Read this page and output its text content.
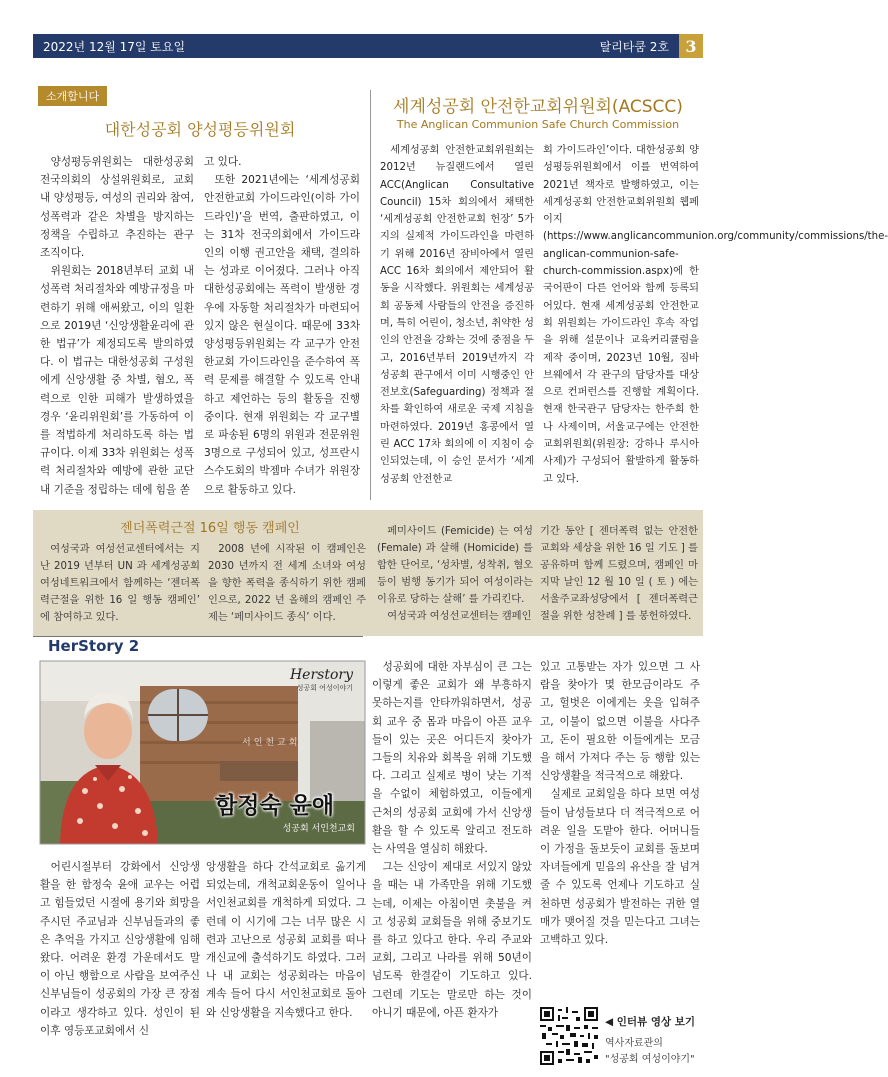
2022년 12월 17일 토요일	탈리타쿰 2호	3
소개합니다
대한성공회 양성평등위원회

양성평등위원회는 대한성공회 전국의회의 상설위원회로, 교회 내 양성평등, 여성의 권리와 참여, 성폭력과 같은 차별을 방지하는 정책을 수립하고 추진하는 관구 조직이다.

위원회는 2018년부터 교회 내 성폭력 처리절차와 예방규정을 마련하기 위해 애써왔고, 이의 일환으로 2019년 ‘신앙생활윤리에 관한 법규’가 제정되도록 발의하였다. 이 법규는 대한성공회 구성원에게 신앙생활 중 차별, 혐오, 폭력으로 인한 피해가 발생하였을 경우 ‘윤리위원회’를 가동하여 이를 적법하게 처리하도록 하는 법규이다. 이제 33차 위원회는 성폭력 처리절차와 예방에 관한 교단 내 기준을 정립하는 데에 힘을 쏟

고 있다.

또한 2021년에는 ‘세계성공회 안전한교회 가이드라인(이하 가이드라인)’을 번역, 출판하였고, 이는 31차 전국의회에서 가이드라인의 이행 권고안을 채택, 결의하는 성과로 이어졌다. 그러나 아직 대한성공회에는 폭력이 발생한 경우에 자동할 처리절차가 마련되어 있지 않은 현실이다. 때문에 33차 양성평등위원회는 각 교구가 안전한교회 가이드라인을 준수하여 폭력 문제를 해결할 수 있도록 안내하고 제언하는 등의 활동을 진행 중이다. 현재 위원회는 각 교구별로 파송된 6명의 위원과 전문위원 3명으로 구성되어 있고, 성프란시스수도회의 박젬마 수녀가 위원장으로 활동하고 있다.

세계성공회 안전한교회위원회(ACSCC)
The Anglican Communion Safe Church Commission

세계성공회 안전한교회위원회는 2012년 뉴질랜드에서 열린 ACC(Anglican Consultative Council) 15차 회의에서 채택한 ‘세계성공회 안전한교회 헌장’ 5가지의 실제적 가이드라인을 마련하기 위해 2016년 잠비아에서 열린 ACC 16차 회의에서 제안되어 활동을 시작했다. 위원회는 세계성공회 공동체 사람들의 안전을 증진하며, 특히 어린이, 청소년, 취약한 성인의 안전을 강화는 것에 중점을 두고, 2016년부터 2019년까지 각 성공회 관구에서 이미 시행중인 안전보호(Safeguarding) 정책과 절차를 확인하여 새로운 국제 지침을 마련하였다. 2019년 홍콩에서 열린 ACC 17차 회의에 이 지침이 승인되었는데, 이 승인 문서가 ‘세계성공회 안전한교

회 가이드라인’이다. 대한성공회 양성평등위원회에서 이를 번역하여 2021년 책자로 발행하였고, 이는 세계성공회 안전한교회위원회 웹페이지(https://www.anglicancommunion.org/community/commissions/the-anglican-communion-safe-church-commission.aspx)에 한국어판이 다른 언어와 함께 등록되어있다. 현재 세계성공회 안전한교회 위원회는 가이드라인 후속 작업을 위해 설문이나 교육커리큘럼을 제작 중이며, 2023년 10월, 짐바브웨에서 각 관구의 담당자를 대상으로 컨퍼런스를 진행할 계획이다. 현재 한국관구 담당자는 한주희 한나 사제이며, 서울교구에는 안전한교회위원회(위원장: 강하나 루시아 사제)가 구성되어 활발하게 활동하고 있다.

젠더폭력근절 16일 행동 캠페인

여성국과 여성선교센터에서는 지난 2019 년부터 UN 과 세계성공회 여성네트워크에서 함께하는 ‘젠더폭력근절을 위한 16 일 행동 캠페인’ 에 참여하고 있다.

2008 년에 시작된 이 캠페인은 2030 년까지 전 세계 소녀와 여성을 향한 폭력을 종식하기 위한 캠페인으로, 2022 년 올해의 캠페인 주제는 ‘페미사이드 종식’ 이다.

페미사이드 (Femicide) 는 여성 (Female) 과 살해 (Homicide) 를 합한 단어로, ‘성차별, 성착취, 혐오 등이 범행 동기가 되어 여성이라는 이유로 당하는 살해’ 를 가리킨다.

여성국과 여성선교센터는 캠페인

기간 동안 [ 젠더폭력 없는 안전한 교회와 세상을 위한 16 일 기도 ] 를 공유하며 함께 드렸으며, 캠페인 마지막 날인 12 월 10 일 ( 토 ) 에는 서울주교좌성당에서 [ 젠더폭력근절을 위한 성찬례 ] 를 봉헌하였다.

HerStory 2
Herstory
성공회 여성이야기
서인천교회
함정숙 윤애
성공회 서인천교회

어린시절부터 강화에서 신앙생활을 한 함정숙 윤애 교우는 어렵고 힘들었던 시절에 용기와 희망을 주시던 주교님과 신부님들과의 좋은 추억을 가지고 신앙생활에 임해왔다. 어려운 환경 가운데서도 말이 아닌 행함으로 사람을 보여주신 신부님들이 성공회의 가장 큰 장점이라고 생각하고 있다. 성인이 된 이후 영등포교회에서 신

앙생활을 하다 간석교회로 옮기게 되었는데, 개척교회운동이 일어나 서인천교회를 개척하게 되었다. 그런데 이 시기에 그는 너무 많은 시련과 고난으로 성공회 교회를 떠나 개신교에 출석하기도 하였다. 그러나 내 교회는 성공회라는 마음이 계속 들어 다시 서인천교회로 돌아와 신앙생활을 지속했다고 한다.

성공회에 대한 자부심이 큰 그는 이렇게 좋은 교회가 왜 부흥하지 못하는지를 안타까워하면서, 성공회 교우 중 몸과 마음이 아픈 교우들이 있는 곳은 어디든지 찾아가 그들의 치유와 회복을 위해 기도했다. 그리고 실제로 병이 낫는 기적을 수없이 체험하였고, 이들에게 근처의 성공회 교회에 가서 신앙생활을 할 수 있도록 알리고 전도하는 사역을 열심히 해왔다.

그는 신앙이 제대로 서있지 않았을 때는 내 가족만을 위해 기도했는데, 이제는 아침이면 촛불을 켜고 성공회 교회들을 위해 중보기도를 하고 있다고 한다. 우리 주교와 교회, 그리고 나라를 위해 50년이 넘도록 한결같이 기도하고 있다. 그런데 기도는 말로만 하는 것이 아니기 때문에, 아픈 환자가

있고 고통받는 자가 있으면 그 사람을 찾아가 몇 한모금이라도 주고, 헐벗은 이에게는 옷을 입혀주고, 이불이 없으면 이불을 사다주고, 돈이 필요한 이들에게는 모금을 해서 가져다 주는 등 행함 있는 신앙생활을 적극적으로 해왔다.

실제로 교회일을 하다 보면 여성들이 남성들보다 더 적극적으로 어려운 일을 도맡아 한다. 어머니들이 가정을 돌보듯이 교회를 돌보며 자녀들에게 믿음의 유산을 잘 넘겨줄 수 있도록 언제나 기도하고 실천하면 성공회가 발전하는 귀한 열매가 맺어질 것을 믿는다고 그녀는 고백하고 있다.

◀ 인터뷰 영상 보기
역사자료관의
"성공회 여성이야기"
